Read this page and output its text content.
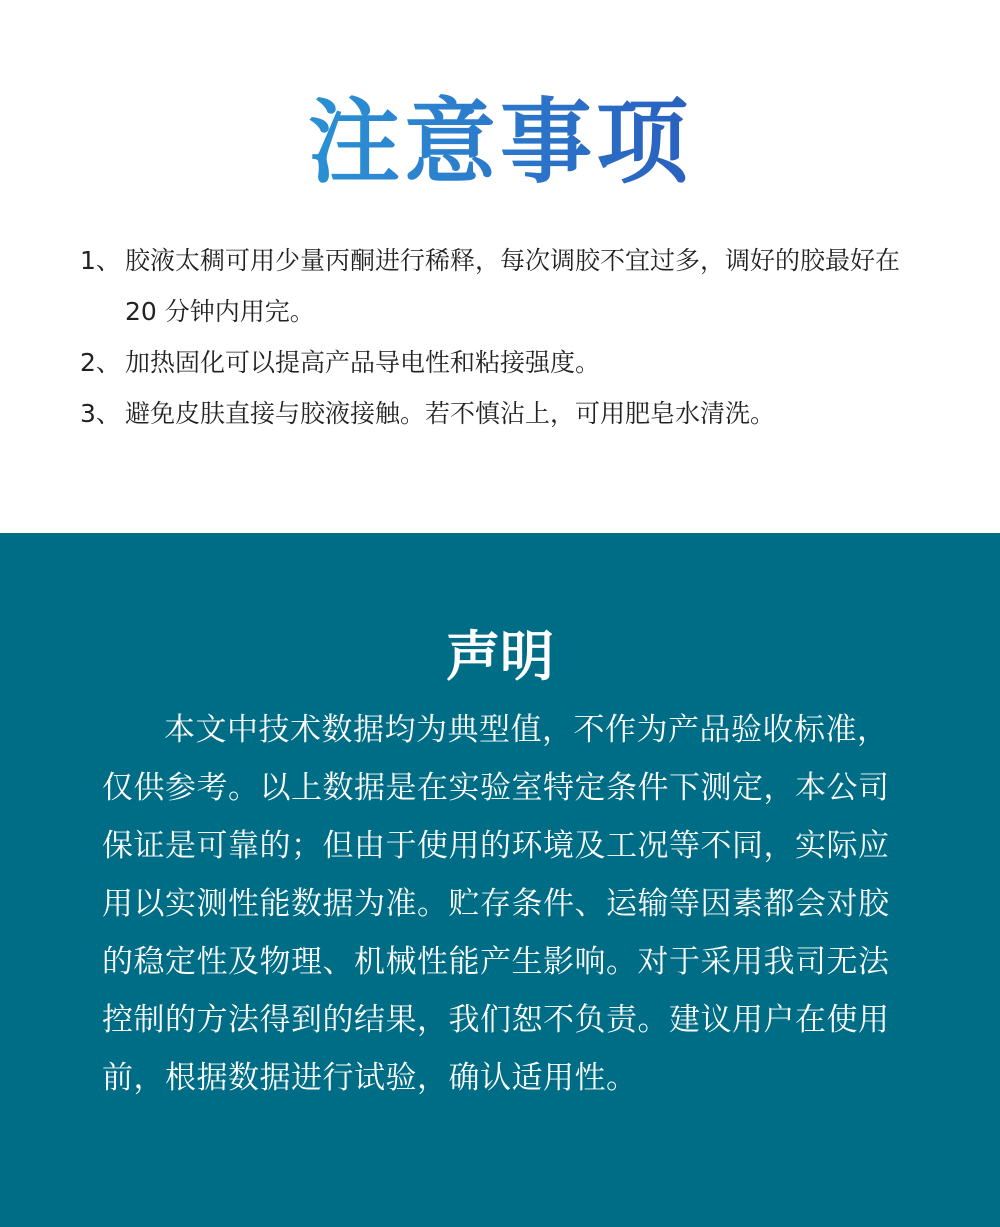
注意事项
1、 胶液太稠可用少量丙酮进行稀释，每次调胶不宜过多，调好的胶最好在 20 分钟内用完。
2、 加热固化可以提高产品导电性和粘接强度。
3、 避免皮肤直接与胶液接触。若不慎沾上，可用肥皂水清洗。
声明
本文中技术数据均为典型值，不作为产品验收标准，仅供参考。以上数据是在实验室特定条件下测定，本公司保证是可靠的；但由于使用的环境及工况等不同，实际应用以实测性能数据为准。贮存条件、运输等因素都会对胶的稳定性及物理、机械性能产生影响。对于采用我司无法控制的方法得到的结果，我们恕不负责。建议用户在使用前，根据数据进行试验，确认适用性。
